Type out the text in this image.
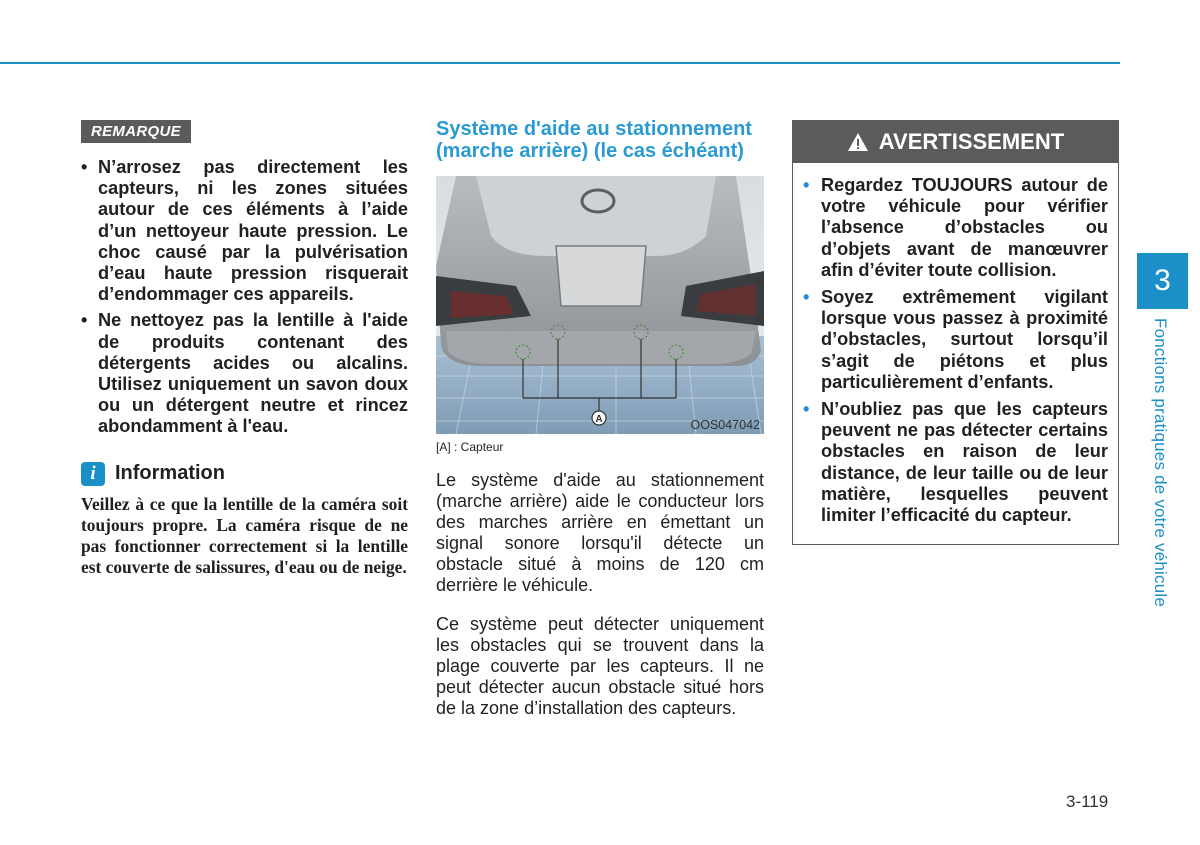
REMARQUE
• N’arrosez pas directement les capteurs, ni les zones situées autour de ces éléments à l’aide d’un nettoyeur haute pression. Le choc causé par la pulvérisation d’eau haute pression risquerait d’endommager ces appareils.
• Ne nettoyez pas la lentille à l'aide de produits contenant des détergents acides ou alcalins. Utilisez uniquement un savon doux ou un détergent neutre et rincez abondamment à l'eau.
i Information
Veillez à ce que la lentille de la caméra soit toujours propre. La caméra risque de ne pas fonctionner correctement si la lentille est couverte de salissures, d'eau ou de neige.
Système d'aide au stationnement (marche arrière) (le cas échéant)
A	OOS047042
[A] : Capteur

Le système d'aide au stationnement (marche arrière) aide le conducteur lors des marches arrière en émettant un signal sonore lorsqu'il détecte un obstacle situé à moins de 120 cm derrière le véhicule.

Ce système peut détecter uniquement les obstacles qui se trouvent dans la plage couverte par les capteurs. Il ne peut détecter aucun obstacle situé hors de la zone d’installation des capteurs.

AVERTISSEMENT
• Regardez TOUJOURS autour de votre véhicule pour vérifier l’absence d’obstacles ou d’objets avant de manœuvrer afin d’éviter toute collision.
• Soyez extrêmement vigilant lorsque vous passez à proximité d’obstacles, surtout lorsqu’il s’agit de piétons et plus particulièrement d’enfants.
• N’oubliez pas que les capteurs peuvent ne pas détecter certains obstacles en raison de leur distance, de leur taille ou de leur matière, lesquelles peuvent limiter l’efficacité du capteur.
3
Fonctions pratiques de votre véhicule
3-119
